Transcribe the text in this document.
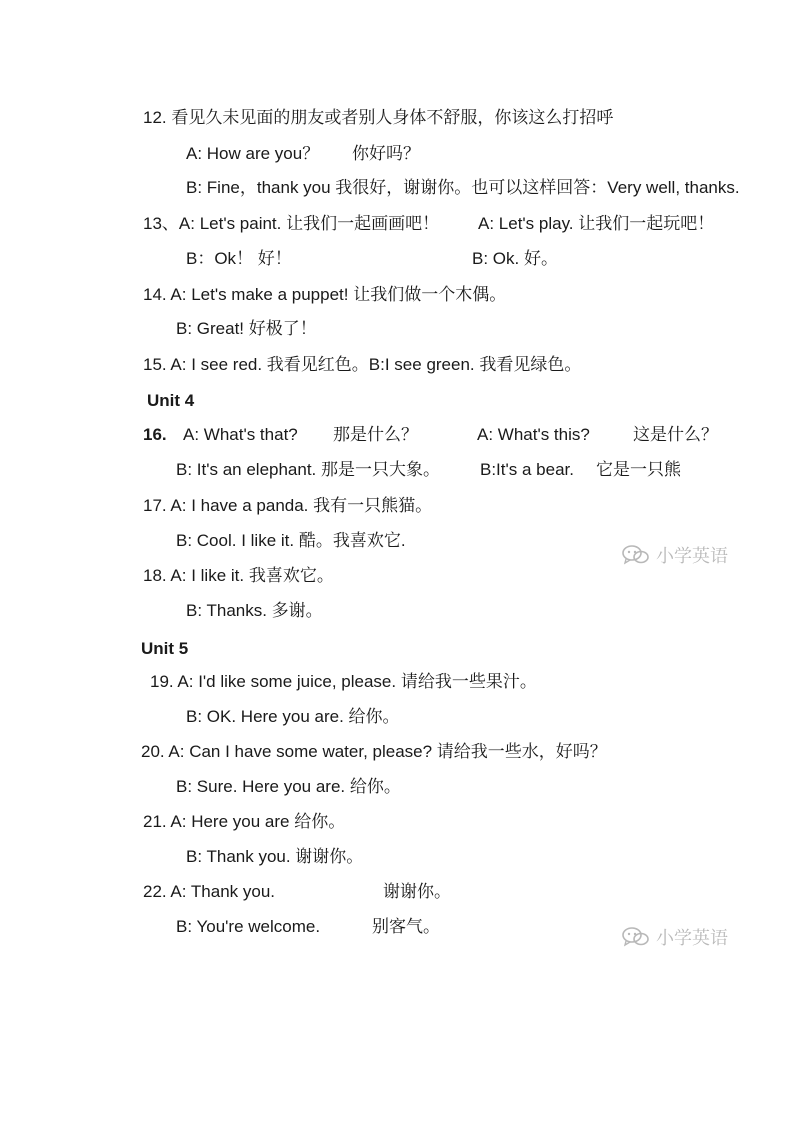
12. 看见久未见面的朋友或者别人身体不舒服，你该这么打招呼
A: How are you？ 你好吗？
B: Fine，thank you 我很好，谢谢你。也可以这样回答：Very well, thanks.
13、A: Let's paint. 让我们一起画画吧！ A: Let's play. 让我们一起玩吧！
B：Ok！ 好！	B: Ok. 好。
14. A: Let's make a puppet! 让我们做一个木偶。
B: Great! 好极了！
15. A: I see red. 我看见红色。B:I see green. 我看见绿色。
Unit 4
16. A: What's that? 那是什么？	A: What's this?	这是什么？
B: It's an elephant. 那是一只大象。 B:It's a bear. 它是一只熊
17. A: I have a panda. 我有一只熊猫。
B: Cool. I like it. 酷。我喜欢它.
小学英语
18. A: I like it. 我喜欢它。
B: Thanks. 多谢。
Unit 5
19. A: I'd like some juice, please. 请给我一些果汁。
B: OK. Here you are. 给你。
20. A: Can I have some water, please? 请给我一些水，好吗？
B: Sure. Here you are. 给你。
21. A: Here you are 给你。
B: Thank you. 谢谢你。
22. A: Thank you.	谢谢你。
B: You're welcome.	别客气。
小学英语
